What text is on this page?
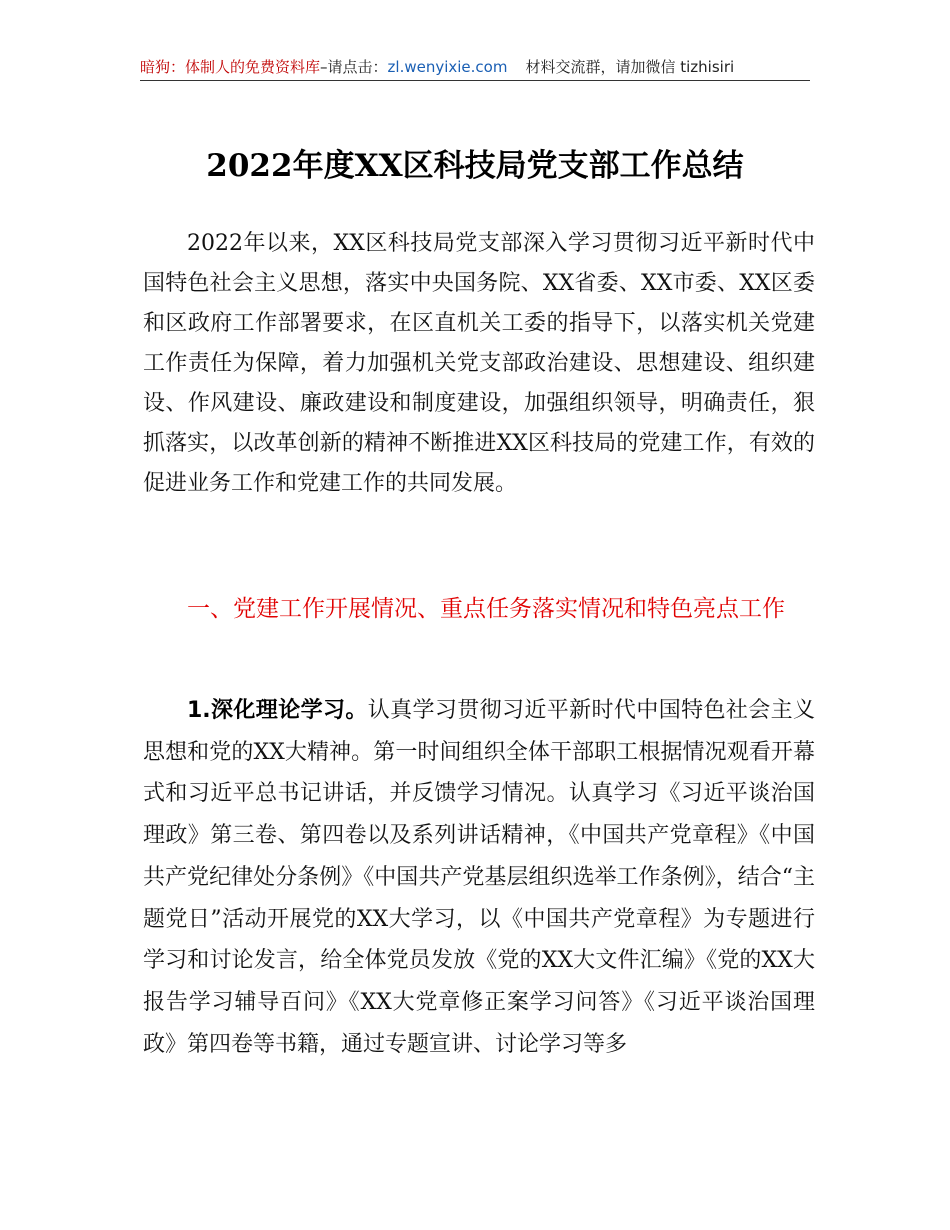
暗狗：体制人的免费资料库–请点击：zl.wenyixie.com 材料交流群，请加微信 tizhisiri
2022年度XX区科技局党支部工作总结

2022年以来，XX区科技局党支部深入学习贯彻习近平新时代中国特色社会主义思想，落实中央国务院、XX省委、XX市委、XX区委和区政府工作部署要求，在区直机关工委的指导下，以落实机关党建工作责任为保障，着力加强机关党支部政治建设、思想建设、组织建设、作风建设、廉政建设和制度建设，加强组织领导，明确责任，狠抓落实，以改革创新的精神不断推进XX区科技局的党建工作，有效的促进业务工作和党建工作的共同发展。

一、党建工作开展情况、重点任务落实情况和特色亮点工作

1.深化理论学习。认真学习贯彻习近平新时代中国特色社会主义思想和党的XX大精神。第一时间组织全体干部职工根据情况观看开幕式和习近平总书记讲话，并反馈学习情况。认真学习《习近平谈治国理政》第三卷、第四卷以及系列讲话精神，《中国共产党章程》《中国共产党纪律处分条例》《中国共产党基层组织选举工作条例》，结合“主题党日”活动开展党的XX大学习，以《中国共产党章程》为专题进行学习和讨论发言，给全体党员发放《党的XX大文件汇编》《党的XX大报告学习辅导百问》《XX大党章修正案学习问答》《习近平谈治国理政》第四卷等书籍，通过专题宣讲、讨论学习等多
